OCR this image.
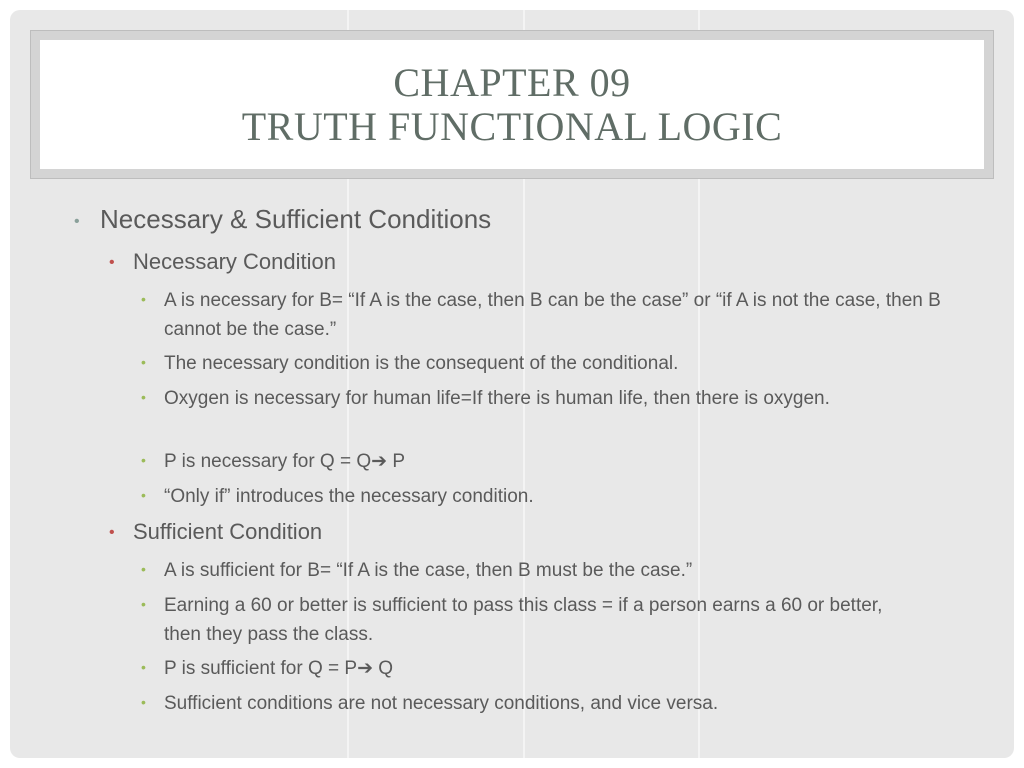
CHAPTER 09
TRUTH FUNCTIONAL LOGIC
• Necessary & Sufficient Conditions
• Necessary Condition
• A is necessary for B= “If A is the case, then B can be the case” or “if A is not the case, then B cannot be the case.”
• The necessary condition is the consequent of the conditional.
• Oxygen is necessary for human life=If there is human life, then there is oxygen.
• P is necessary for Q = Q➔ P
• “Only if” introduces the necessary condition.
• Sufficient Condition
• A is sufficient for B= “If A is the case, then B must be the case.”
• Earning a 60 or better is sufficient to pass this class = if a person earns a 60 or better, then they pass the class.
• P is sufficient for Q = P➔ Q
• Sufficient conditions are not necessary conditions, and vice versa.
